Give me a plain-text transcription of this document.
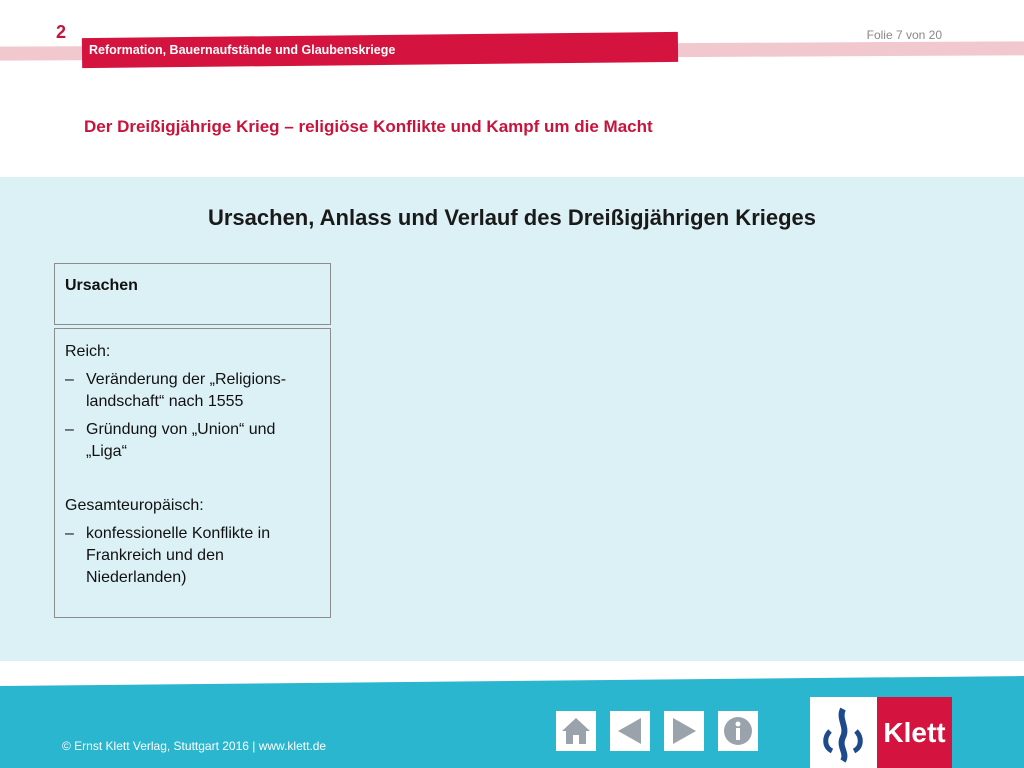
2
Reformation, Bauernaufstände und Glaubenskriege
Folie 7 von 20
Der Dreißigjährige Krieg – religiöse Konflikte und Kampf um die Macht
Ursachen, Anlass und Verlauf des Dreißigjährigen Krieges
Ursachen
Reich:
– Veränderung der „Religions-landschaft“ nach 1555
– Gründung von „Union“ und „Liga“
Gesamteuropäisch:
– konfessionelle Konflikte in Frankreich und den Niederlanden)
© Ernst Klett Verlag, Stuttgart 2016 | www.klett.de	Klett
